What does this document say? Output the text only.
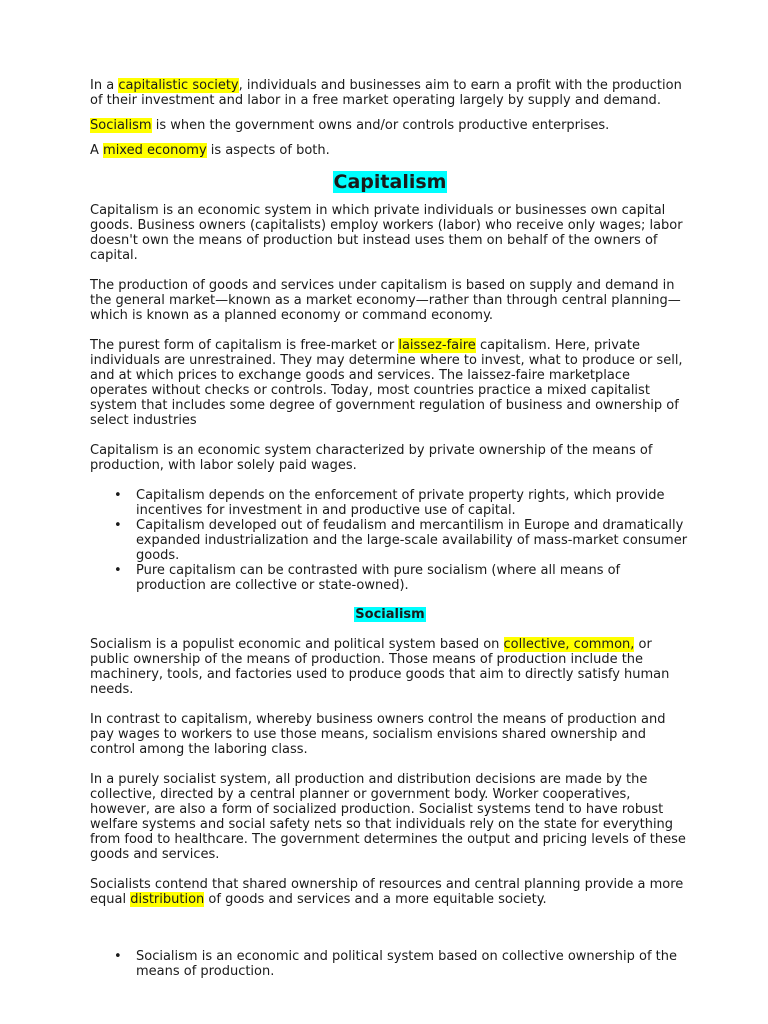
In a capitalistic society, individuals and businesses aim to earn a profit with the production of their investment and labor in a free market operating largely by supply and demand.

Socialism is when the government owns and/or controls productive enterprises.

A mixed economy is aspects of both.

Capitalism

Capitalism is an economic system in which private individuals or businesses own capital goods. Business owners (capitalists) employ workers (labor) who receive only wages; labor doesn't own the means of production but instead uses them on behalf of the owners of capital.

The production of goods and services under capitalism is based on supply and demand in the general market—known as a market economy—rather than through central planning—which is known as a planned economy or command economy.

The purest form of capitalism is free-market or laissez-faire capitalism. Here, private individuals are unrestrained. They may determine where to invest, what to produce or sell, and at which prices to exchange goods and services. The laissez-faire marketplace operates without checks or controls. Today, most countries practice a mixed capitalist system that includes some degree of government regulation of business and ownership of select industries

Capitalism is an economic system characterized by private ownership of the means of production, with labor solely paid wages.

• Capitalism depends on the enforcement of private property rights, which provide incentives for investment in and productive use of capital.
• Capitalism developed out of feudalism and mercantilism in Europe and dramatically expanded industrialization and the large-scale availability of mass-market consumer goods.
• Pure capitalism can be contrasted with pure socialism (where all means of production are collective or state-owned).
Socialism

Socialism is a populist economic and political system based on collective, common, or public ownership of the means of production. Those means of production include the machinery, tools, and factories used to produce goods that aim to directly satisfy human needs.

In contrast to capitalism, whereby business owners control the means of production and pay wages to workers to use those means, socialism envisions shared ownership and control among the laboring class.

In a purely socialist system, all production and distribution decisions are made by the collective, directed by a central planner or government body. Worker cooperatives, however, are also a form of socialized production. Socialist systems tend to have robust welfare systems and social safety nets so that individuals rely on the state for everything from food to healthcare. The government determines the output and pricing levels of these goods and services.

Socialists contend that shared ownership of resources and central planning provide a more equal distribution of goods and services and a more equitable society.

• Socialism is an economic and political system based on collective ownership of the means of production.
